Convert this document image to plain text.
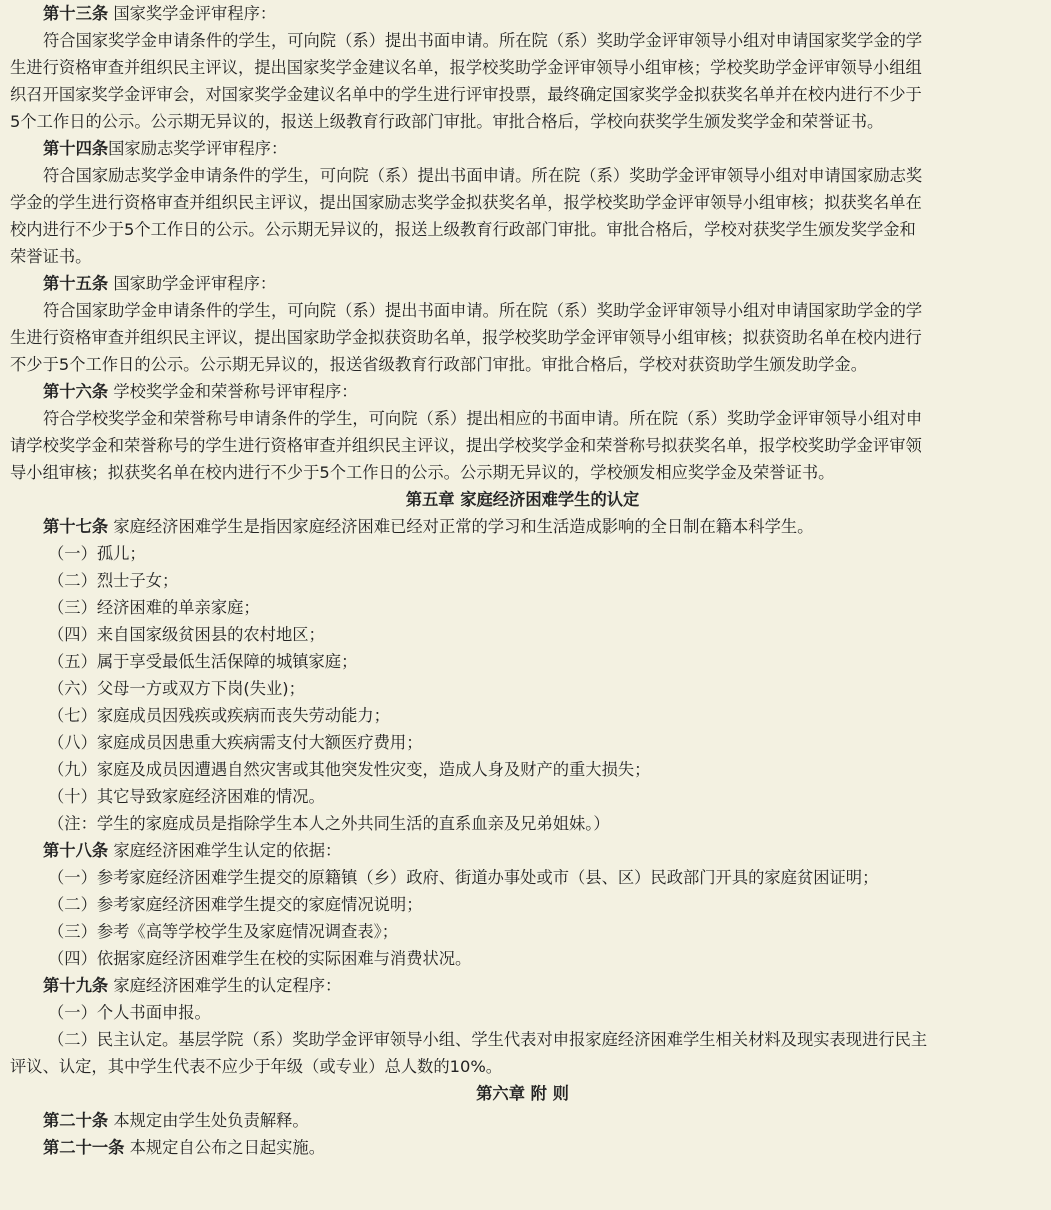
第十三条 国家奖学金评审程序：
符合国家奖学金申请条件的学生，可向院（系）提出书面申请。所在院（系）奖助学金评审领导小组对申请国家奖学金的学
生进行资格审查并组织民主评议，提出国家奖学金建议名单，报学校奖助学金评审领导小组审核；学校奖助学金评审领导小组组
织召开国家奖学金评审会，对国家奖学金建议名单中的学生进行评审投票，最终确定国家奖学金拟获奖名单并在校内进行不少于
5个工作日的公示。公示期无异议的，报送上级教育行政部门审批。审批合格后，学校向获奖学生颁发奖学金和荣誉证书。
第十四条国家励志奖学评审程序：
符合国家励志奖学金申请条件的学生，可向院（系）提出书面申请。所在院（系）奖助学金评审领导小组对申请国家励志奖
学金的学生进行资格审查并组织民主评议，提出国家励志奖学金拟获奖名单，报学校奖助学金评审领导小组审核；拟获奖名单在
校内进行不少于5个工作日的公示。公示期无异议的，报送上级教育行政部门审批。审批合格后，学校对获奖学生颁发奖学金和
荣誉证书。
第十五条 国家助学金评审程序：
符合国家助学金申请条件的学生，可向院（系）提出书面申请。所在院（系）奖助学金评审领导小组对申请国家助学金的学
生进行资格审查并组织民主评议，提出国家助学金拟获资助名单，报学校奖助学金评审领导小组审核；拟获资助名单在校内进行
不少于5个工作日的公示。公示期无异议的，报送省级教育行政部门审批。审批合格后，学校对获资助学生颁发助学金。
第十六条 学校奖学金和荣誉称号评审程序：
符合学校奖学金和荣誉称号申请条件的学生，可向院（系）提出相应的书面申请。所在院（系）奖助学金评审领导小组对申
请学校奖学金和荣誉称号的学生进行资格审查并组织民主评议，提出学校奖学金和荣誉称号拟获奖名单，报学校奖助学金评审领
导小组审核；拟获奖名单在校内进行不少于5个工作日的公示。公示期无异议的，学校颁发相应奖学金及荣誉证书。
第五章 家庭经济困难学生的认定
第十七条 家庭经济困难学生是指因家庭经济困难已经对正常的学习和生活造成影响的全日制在籍本科学生。
（一）孤儿；
（二）烈士子女；
（三）经济困难的单亲家庭；
（四）来自国家级贫困县的农村地区；
（五）属于享受最低生活保障的城镇家庭；
（六）父母一方或双方下岗(失业)；
（七）家庭成员因残疾或疾病而丧失劳动能力；
（八）家庭成员因患重大疾病需支付大额医疗费用；
（九）家庭及成员因遭遇自然灾害或其他突发性灾变，造成人身及财产的重大损失；
（十）其它导致家庭经济困难的情况。
（注：学生的家庭成员是指除学生本人之外共同生活的直系血亲及兄弟姐妹。）
第十八条 家庭经济困难学生认定的依据：
（一）参考家庭经济困难学生提交的原籍镇（乡）政府、街道办事处或市（县、区）民政部门开具的家庭贫困证明；
（二）参考家庭经济困难学生提交的家庭情况说明；
（三）参考《高等学校学生及家庭情况调查表》；
（四）依据家庭经济困难学生在校的实际困难与消费状况。
第十九条 家庭经济困难学生的认定程序：
（一）个人书面申报。
（二）民主认定。基层学院（系）奖助学金评审领导小组、学生代表对申报家庭经济困难学生相关材料及现实表现进行民主
评议、认定，其中学生代表不应少于年级（或专业）总人数的10%。
第六章 附 则
第二十条 本规定由学生处负责解释。
第二十一条 本规定自公布之日起实施。
